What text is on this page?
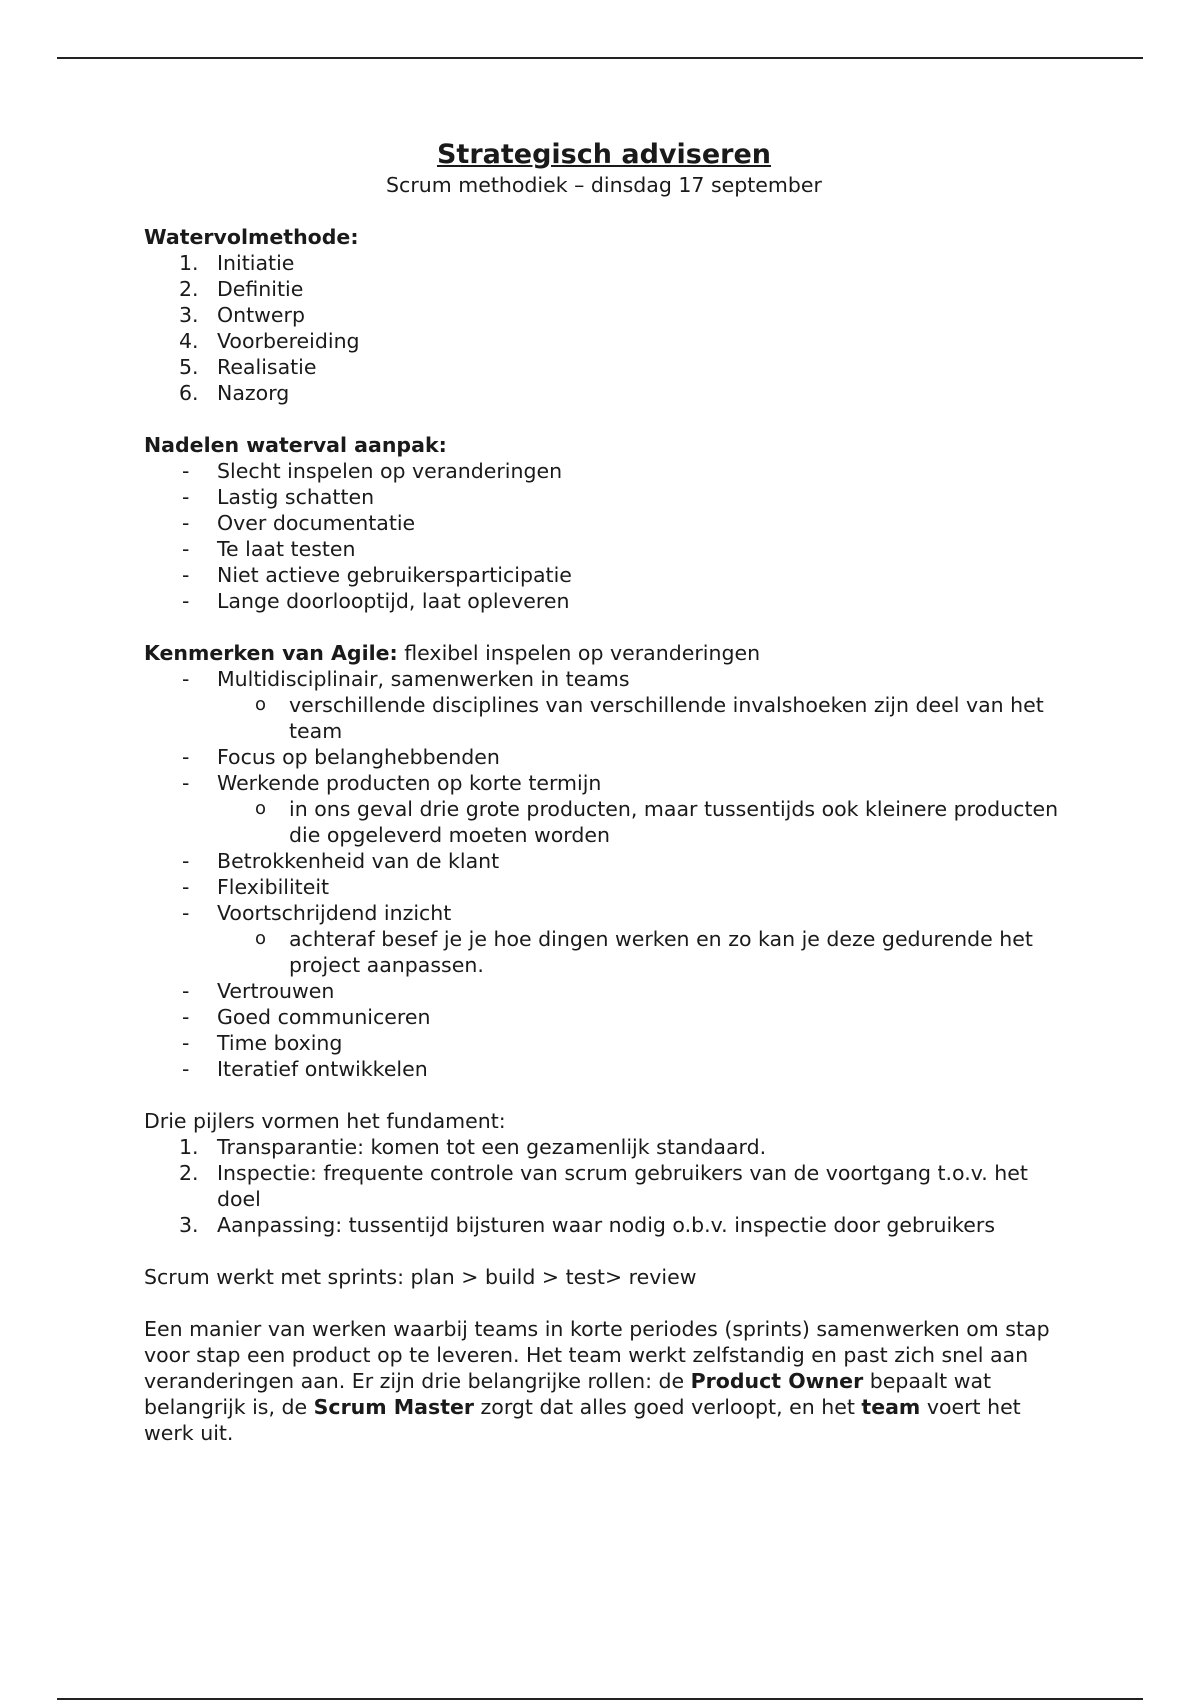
Strategisch adviseren
Scrum methodiek – dinsdag 17 september
Watervolmethode:
1. Initiatie
2. Definitie
3. Ontwerp
4. Voorbereiding
5. Realisatie
6. Nazorg
Nadelen waterval aanpak:
-	Slecht inspelen op veranderingen
-	Lastig schatten
-	Over documentatie
-	Te laat testen
-	Niet actieve gebruikersparticipatie
-	Lange doorlooptijd, laat opleveren
Kenmerken van Agile: flexibel inspelen op veranderingen
-	Multidisciplinair, samenwerken in teams
o verschillende disciplines van verschillende invalshoeken zijn deel van het team
-	Focus op belanghebbenden
-	Werkende producten op korte termijn
o in ons geval drie grote producten, maar tussentijds ook kleinere producten die opgeleverd moeten worden
-	Betrokkenheid van de klant
-	Flexibiliteit
-	Voortschrijdend inzicht
o achteraf besef je je hoe dingen werken en zo kan je deze gedurende het project aanpassen.
-	Vertrouwen
-	Goed communiceren
-	Time boxing
-	Iteratief ontwikkelen
Drie pijlers vormen het fundament:
1. Transparantie: komen tot een gezamenlijk standaard.
2. Inspectie: frequente controle van scrum gebruikers van de voortgang t.o.v. het doel
3. Aanpassing: tussentijd bijsturen waar nodig o.b.v. inspectie door gebruikers

Scrum werkt met sprints: plan > build > test> review

Een manier van werken waarbij teams in korte periodes (sprints) samenwerken om stap voor stap een product op te leveren. Het team werkt zelfstandig en past zich snel aan veranderingen aan. Er zijn drie belangrijke rollen: de Product Owner bepaalt wat belangrijk is, de Scrum Master zorgt dat alles goed verloopt, en het team voert het werk uit.
